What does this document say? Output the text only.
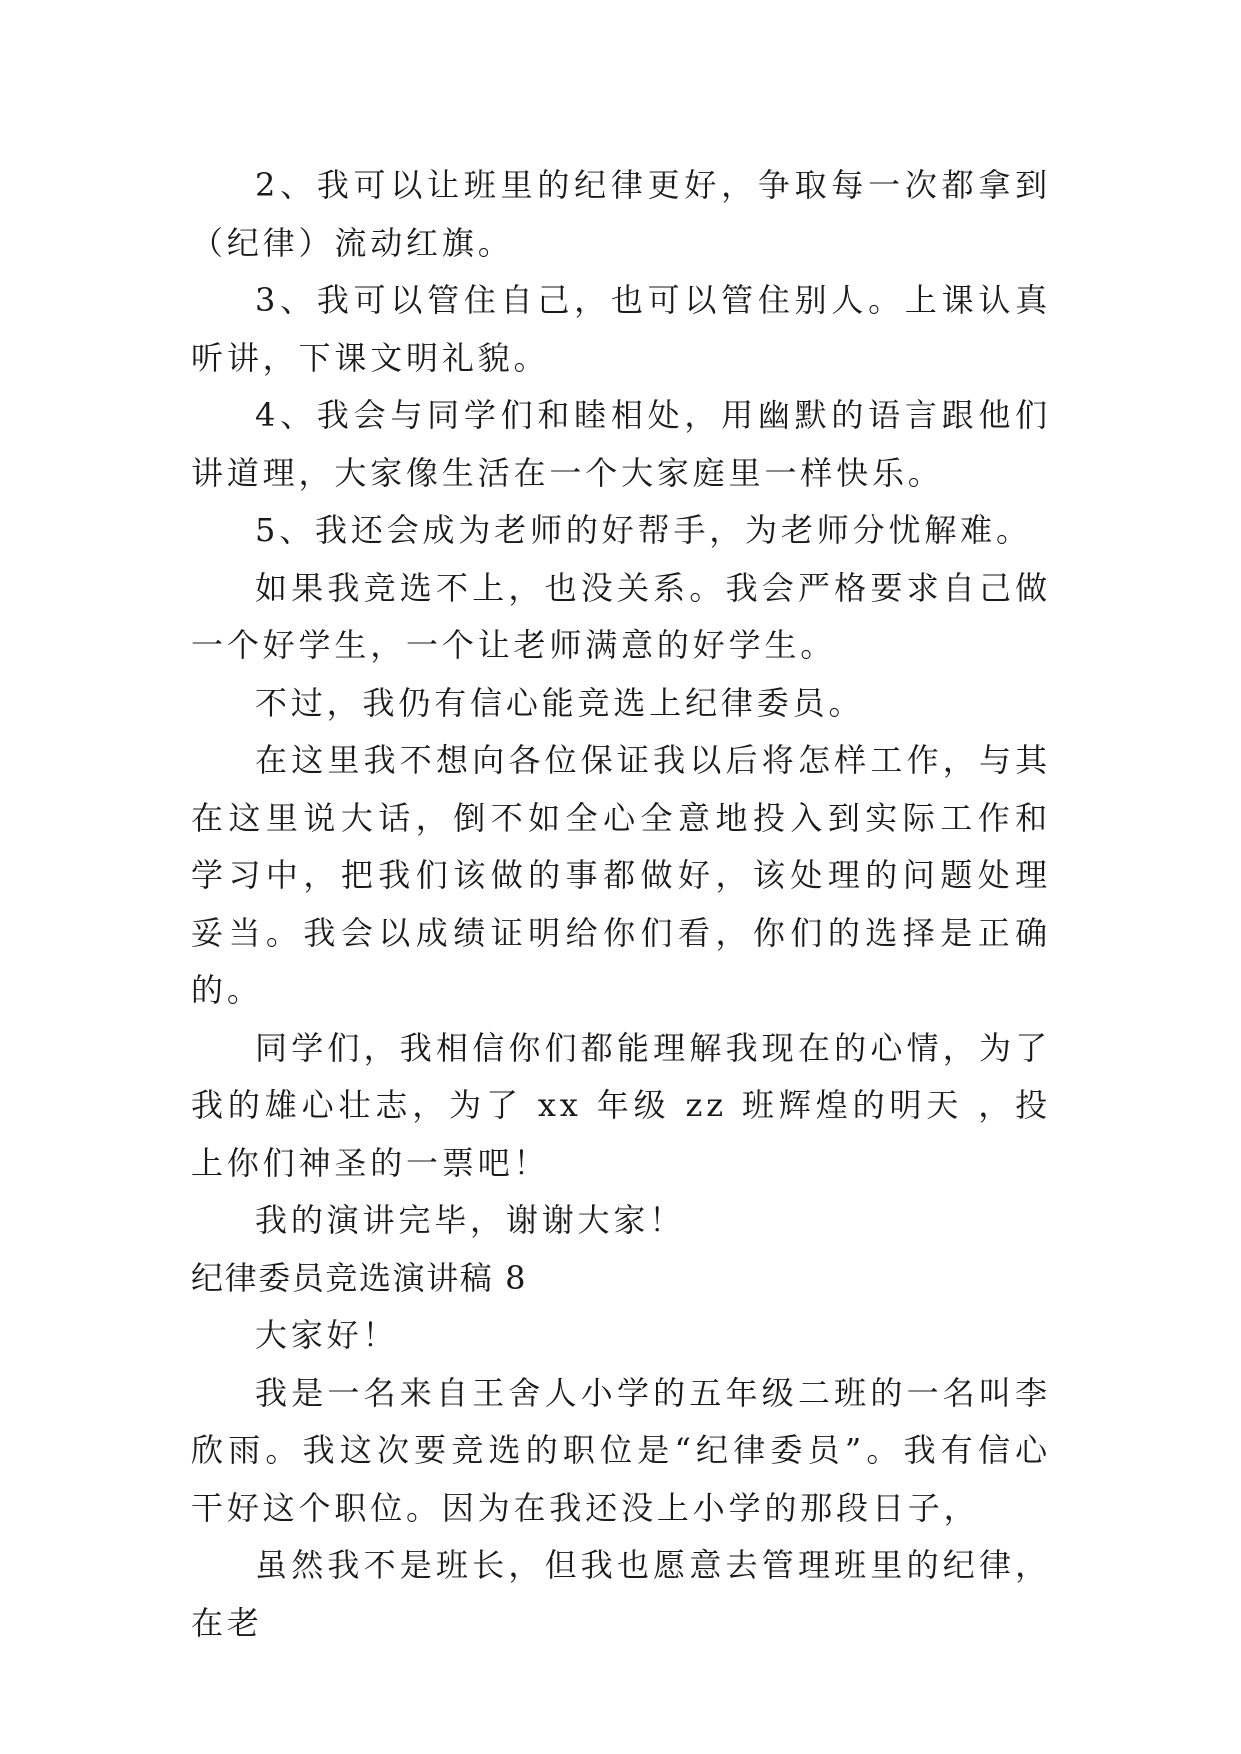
2、我可以让班里的纪律更好，争取每一次都拿到（纪律）流动红旗。

3、我可以管住自己，也可以管住别人。上课认真听讲，下课文明礼貌。

4、我会与同学们和睦相处，用幽默的语言跟他们讲道理，大家像生活在一个大家庭里一样快乐。

5、我还会成为老师的好帮手，为老师分忧解难。

如果我竞选不上，也没关系。我会严格要求自己做一个好学生，一个让老师满意的好学生。

不过，我仍有信心能竞选上纪律委员。

在这里我不想向各位保证我以后将怎样工作，与其在这里说大话，倒不如全心全意地投入到实际工作和学习中，把我们该做的事都做好，该处理的问题处理妥当。我会以成绩证明给你们看，你们的选择是正确的。

同学们，我相信你们都能理解我现在的心情，为了我的雄心壮志，为了 xx 年级 zz 班辉煌的明天 ，投上你们神圣的一票吧！

我的演讲完毕，谢谢大家！

纪律委员竞选演讲稿 8

大家好！

我是一名来自王舍人小学的五年级二班的一名叫李欣雨。我这次要竞选的职位是“纪律委员”。我有信心干好这个职位。因为在我还没上小学的那段日子，

虽然我不是班长，但我也愿意去管理班里的纪律，在老
